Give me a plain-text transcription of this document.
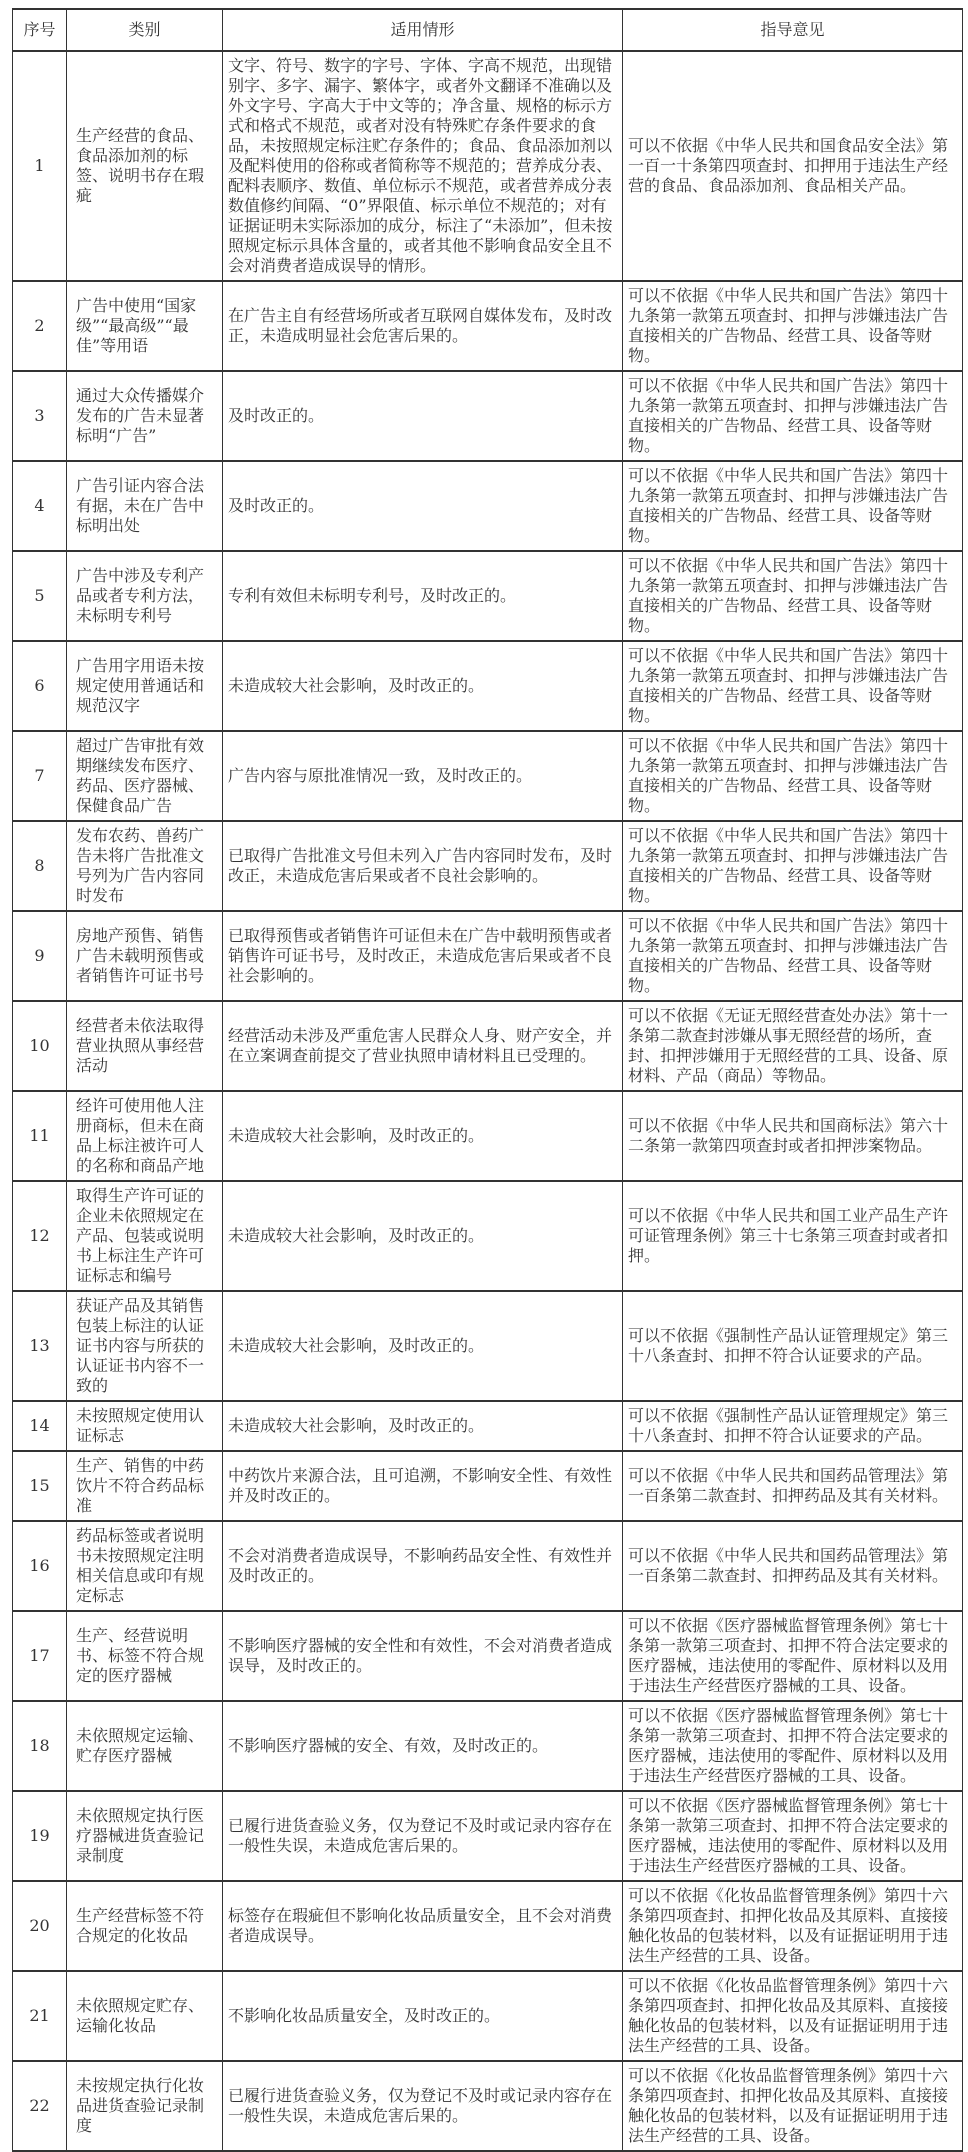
序号	类别	适用情形	指导意见
1	生产经营的食品、食品添加剂的标签、说明书存在瑕疵	文字、符号、数字的字号、字体、字高不规范，出现错别字、多字、漏字、繁体字，或者外文翻译不准确以及外文字号、字高大于中文等的；净含量、规格的标示方式和格式不规范，或者对没有特殊贮存条件要求的食品，未按照规定标注贮存条件的；食品、食品添加剂以及配料使用的俗称或者简称等不规范的；营养成分表、配料表顺序、数值、单位标示不规范，或者营养成分表数值修约间隔、“0”界限值、标示单位不规范的；对有证据证明未实际添加的成分，标注了“未添加”，但未按照规定标示具体含量的，或者其他不影响食品安全且不会对消费者造成误导的情形。	可以不依据《中华人民共和国食品安全法》第一百一十条第四项查封、扣押用于违法生产经营的食品、食品添加剂、食品相关产品。
2	广告中使用“国家级”“最高级”“最佳”等用语	在广告主自有经营场所或者互联网自媒体发布，及时改正，未造成明显社会危害后果的。	可以不依据《中华人民共和国广告法》第四十九条第一款第五项查封、扣押与涉嫌违法广告直接相关的广告物品、经营工具、设备等财物。
3	通过大众传播媒介发布的广告未显著标明“广告”	及时改正的。	可以不依据《中华人民共和国广告法》第四十九条第一款第五项查封、扣押与涉嫌违法广告直接相关的广告物品、经营工具、设备等财物。
4	广告引证内容合法有据，未在广告中标明出处	及时改正的。	可以不依据《中华人民共和国广告法》第四十九条第一款第五项查封、扣押与涉嫌违法广告直接相关的广告物品、经营工具、设备等财物。
5	广告中涉及专利产品或者专利方法，未标明专利号	专利有效但未标明专利号，及时改正的。	可以不依据《中华人民共和国广告法》第四十九条第一款第五项查封、扣押与涉嫌违法广告直接相关的广告物品、经营工具、设备等财物。
6	广告用字用语未按规定使用普通话和规范汉字	未造成较大社会影响，及时改正的。	可以不依据《中华人民共和国广告法》第四十九条第一款第五项查封、扣押与涉嫌违法广告直接相关的广告物品、经营工具、设备等财物。
7	超过广告审批有效期继续发布医疗、药品、医疗器械、保健食品广告	广告内容与原批准情况一致，及时改正的。	可以不依据《中华人民共和国广告法》第四十九条第一款第五项查封、扣押与涉嫌违法广告直接相关的广告物品、经营工具、设备等财物。
8	发布农药、兽药广告未将广告批准文号列为广告内容同时发布	已取得广告批准文号但未列入广告内容同时发布，及时改正，未造成危害后果或者不良社会影响的。	可以不依据《中华人民共和国广告法》第四十九条第一款第五项查封、扣押与涉嫌违法广告直接相关的广告物品、经营工具、设备等财物。
9	房地产预售、销售广告未载明预售或者销售许可证书号	已取得预售或者销售许可证但未在广告中载明预售或者销售许可证书号，及时改正，未造成危害后果或者不良社会影响的。	可以不依据《中华人民共和国广告法》第四十九条第一款第五项查封、扣押与涉嫌违法广告直接相关的广告物品、经营工具、设备等财物。
10	经营者未依法取得营业执照从事经营活动	经营活动未涉及严重危害人民群众人身、财产安全，并在立案调查前提交了营业执照申请材料且已受理的。	可以不依据《无证无照经营查处办法》第十一条第二款查封涉嫌从事无照经营的场所，查封、扣押涉嫌用于无照经营的工具、设备、原材料、产品（商品）等物品。
11	经许可使用他人注册商标，但未在商品上标注被许可人的名称和商品产地	未造成较大社会影响，及时改正的。	可以不依据《中华人民共和国商标法》第六十二条第一款第四项查封或者扣押涉案物品。
12	取得生产许可证的企业未依照规定在产品、包装或说明书上标注生产许可证标志和编号	未造成较大社会影响，及时改正的。	可以不依据《中华人民共和国工业产品生产许可证管理条例》第三十七条第三项查封或者扣押。
13	获证产品及其销售包装上标注的认证证书内容与所获的认证证书内容不一致的	未造成较大社会影响，及时改正的。	可以不依据《强制性产品认证管理规定》第三十八条查封、扣押不符合认证要求的产品。
14	未按照规定使用认证标志	未造成较大社会影响，及时改正的。	可以不依据《强制性产品认证管理规定》第三十八条查封、扣押不符合认证要求的产品。
15	生产、销售的中药饮片不符合药品标准	中药饮片来源合法，且可追溯，不影响安全性、有效性并及时改正的。	可以不依据《中华人民共和国药品管理法》第一百条第二款查封、扣押药品及其有关材料。
16	药品标签或者说明书未按照规定注明相关信息或印有规定标志	不会对消费者造成误导，不影响药品安全性、有效性并及时改正的。	可以不依据《中华人民共和国药品管理法》第一百条第二款查封、扣押药品及其有关材料。
17	生产、经营说明书、标签不符合规定的医疗器械	不影响医疗器械的安全性和有效性，不会对消费者造成误导，及时改正的。	可以不依据《医疗器械监督管理条例》第七十条第一款第三项查封、扣押不符合法定要求的医疗器械，违法使用的零配件、原材料以及用于违法生产经营医疗器械的工具、设备。
18	未依照规定运输、贮存医疗器械	不影响医疗器械的安全、有效，及时改正的。	可以不依据《医疗器械监督管理条例》第七十条第一款第三项查封、扣押不符合法定要求的医疗器械，违法使用的零配件、原材料以及用于违法生产经营医疗器械的工具、设备。
19	未依照规定执行医疗器械进货查验记录制度	已履行进货查验义务，仅为登记不及时或记录内容存在一般性失误，未造成危害后果的。	可以不依据《医疗器械监督管理条例》第七十条第一款第三项查封、扣押不符合法定要求的医疗器械，违法使用的零配件、原材料以及用于违法生产经营医疗器械的工具、设备。
20	生产经营标签不符合规定的化妆品	标签存在瑕疵但不影响化妆品质量安全，且不会对消费者造成误导。	可以不依据《化妆品监督管理条例》第四十六条第四项查封、扣押化妆品及其原料、直接接触化妆品的包装材料，以及有证据证明用于违法生产经营的工具、设备。
21	未依照规定贮存、运输化妆品	不影响化妆品质量安全，及时改正的。	可以不依据《化妆品监督管理条例》第四十六条第四项查封、扣押化妆品及其原料、直接接触化妆品的包装材料，以及有证据证明用于违法生产经营的工具、设备。
22	未按规定执行化妆品进货查验记录制度	已履行进货查验义务，仅为登记不及时或记录内容存在一般性失误，未造成危害后果的。	可以不依据《化妆品监督管理条例》第四十六条第四项查封、扣押化妆品及其原料、直接接触化妆品的包装材料，以及有证据证明用于违法生产经营的工具、设备。
